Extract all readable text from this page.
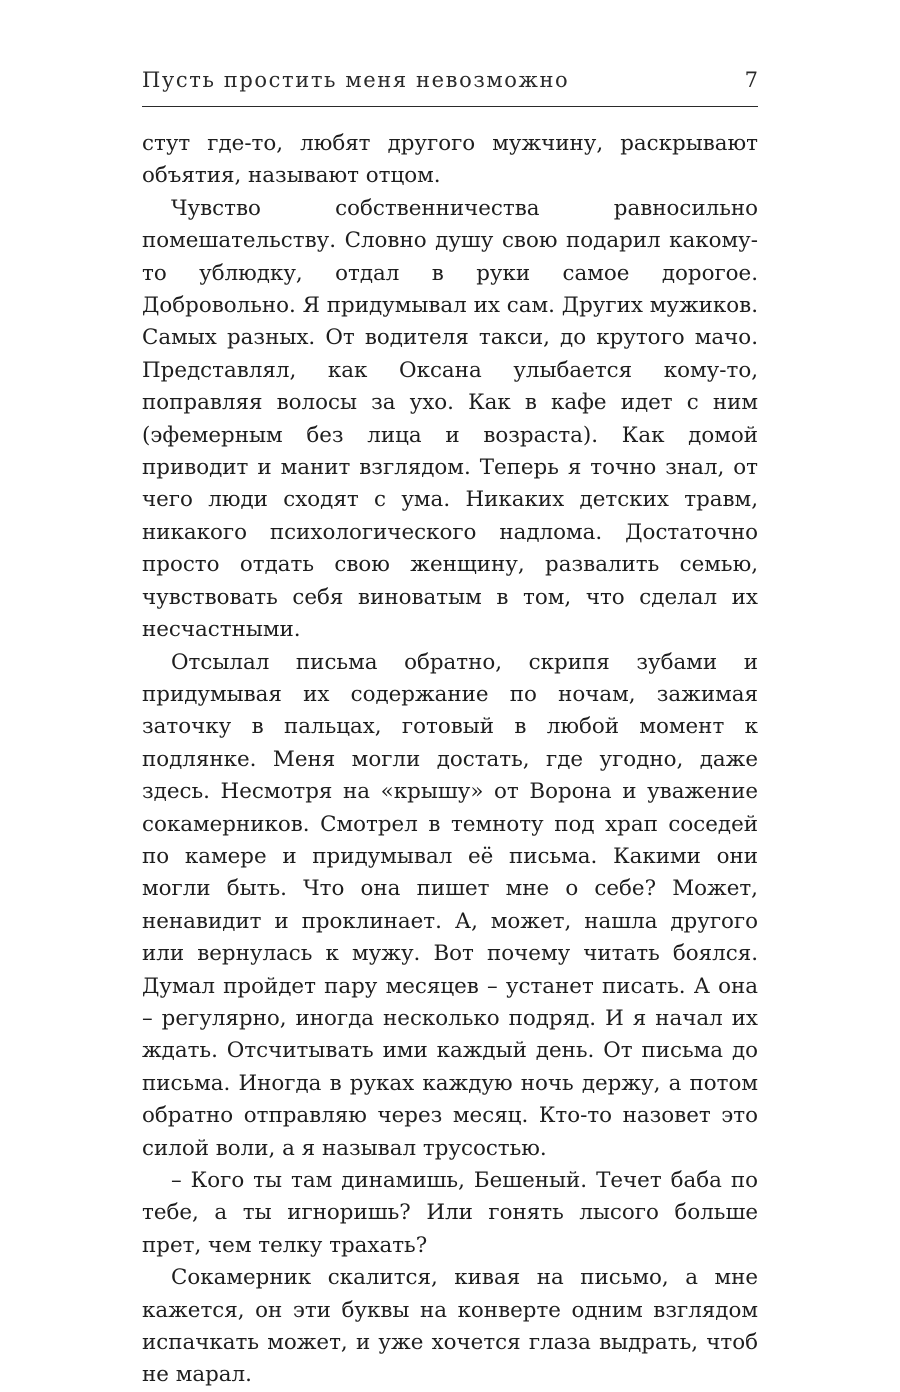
Пусть простить меня невозможно	7

стут где-то, любят другого мужчину, раскрывают объятия, называют отцом.

Чувство собственничества равносильно помешательству. Словно душу свою подарил какому-то ублюдку, отдал в руки самое дорогое. Добровольно. Я придумывал их сам. Других мужиков. Самых разных. От водителя такси, до крутого мачо. Представлял, как Оксана улыбается кому-то, поправляя волосы за ухо. Как в кафе идет с ним (эфемерным без лица и возраста). Как домой приводит и манит взглядом. Теперь я точно знал, от чего люди сходят с ума. Никаких детских травм, никакого психологического надлома. Достаточно просто отдать свою женщину, развалить семью, чувствовать себя виноватым в том, что сделал их несчастными.

Отсылал письма обратно, скрипя зубами и придумывая их содержание по ночам, зажимая заточку в пальцах, готовый в любой момент к подлянке. Меня могли достать, где угодно, даже здесь. Несмотря на «крышу» от Ворона и уважение сокамерников. Смотрел в темноту под храп соседей по камере и придумывал её письма. Какими они могли быть. Что она пишет мне о себе? Может, ненавидит и проклинает. А, может, нашла другого или вернулась к мужу. Вот почему читать боялся. Думал пройдет пару месяцев – устанет писать. А она – регулярно, иногда несколько подряд. И я начал их ждать. Отсчитывать ими каждый день. От письма до письма. Иногда в руках каждую ночь держу, а потом обратно отправляю через месяц. Кто-то назовет это силой воли, а я называл трусостью.

– Кого ты там динамишь, Бешеный. Течет баба по тебе, а ты игноришь? Или гонять лысого больше прет, чем телку трахать?

Сокамерник скалится, кивая на письмо, а мне кажется, он эти буквы на конверте одним взглядом испачкать может, и уже хочется глаза выдрать, чтоб не марал.
